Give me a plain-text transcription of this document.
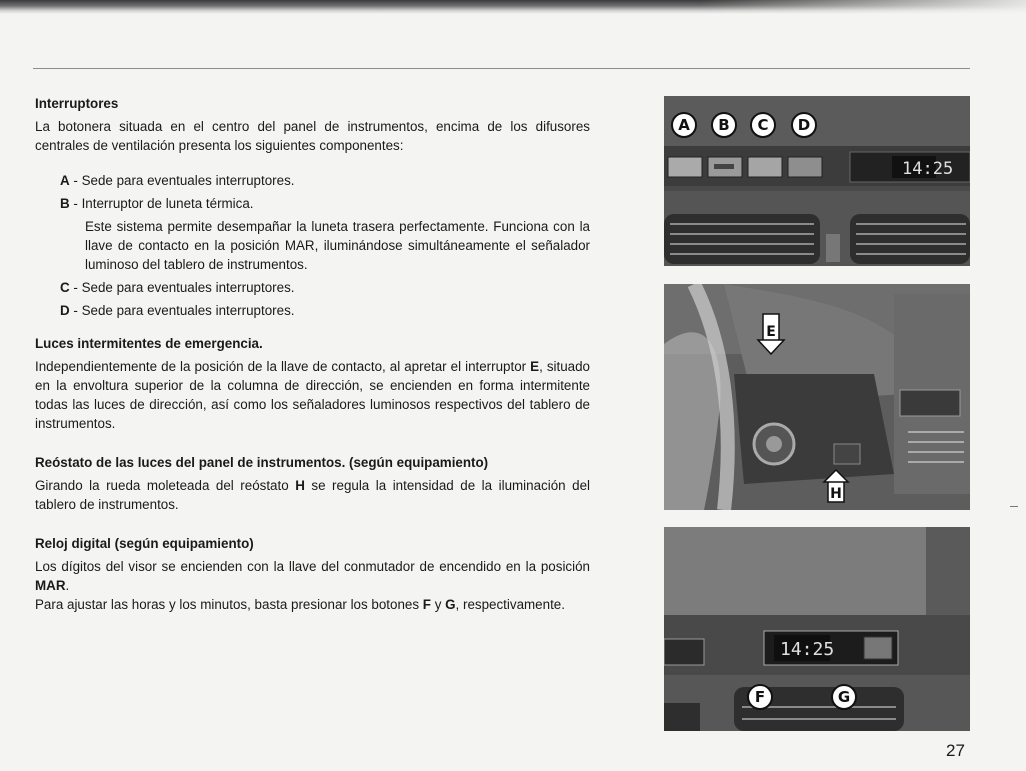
Interruptores

La botonera situada en el centro del panel de instrumentos, encima de los difusores centrales de ventilación presenta los siguientes componentes:

A - Sede para eventuales interruptores.

B - Interruptor de luneta térmica.

Este sistema permite desempañar la luneta trasera perfectamente. Funciona con la llave de contacto en la posición MAR, iluminándose simultáneamente el señalador luminoso del tablero de instrumentos.

C - Sede para eventuales interruptores.

D - Sede para eventuales interruptores.

Luces intermitentes de emergencia.

Independientemente de la posición de la llave de contacto, al apretar el interruptor E, situado en la envoltura superior de la columna de dirección, se encienden en forma intermitente todas las luces de dirección, así como los señaladores luminosos respectivos del tablero de instrumentos.

Reóstato de las luces del panel de instrumentos. (según equipamiento)

Girando la rueda moleteada del reóstato H se regula la intensidad de la iluminación del tablero de instrumentos.

Reloj digital (según equipamiento)

Los dígitos del visor se encienden con la llave del conmutador de encendido en la posición MAR.

Para ajustar las horas y los minutos, basta presionar los botones F y G, respectivamente.

14:25
A B C D
E
H
14:25
F	G
27
